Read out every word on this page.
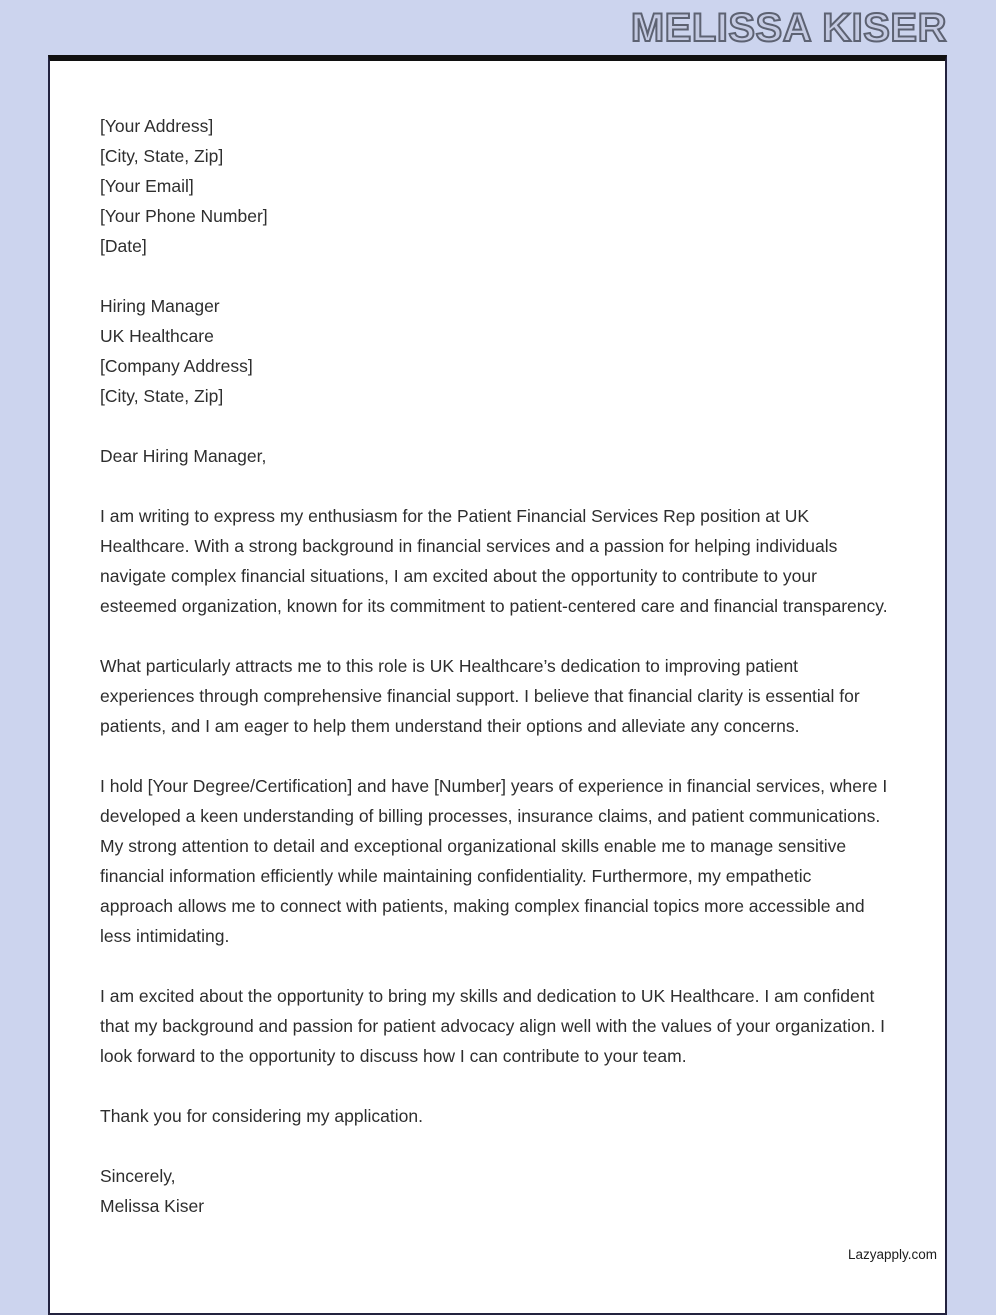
MELISSA KISER
[Your Address]
[City, State, Zip]
[Your Email]
[Your Phone Number]
[Date]
Hiring Manager
UK Healthcare
[Company Address]
[City, State, Zip]

Dear Hiring Manager,

I am writing to express my enthusiasm for the Patient Financial Services Rep position at UK Healthcare. With a strong background in financial services and a passion for helping individuals navigate complex financial situations, I am excited about the opportunity to contribute to your esteemed organization, known for its commitment to patient-centered care and financial transparency.

What particularly attracts me to this role is UK Healthcare’s dedication to improving patient experiences through comprehensive financial support. I believe that financial clarity is essential for patients, and I am eager to help them understand their options and alleviate any concerns.

I hold [Your Degree/Certification] and have [Number] years of experience in financial services, where I developed a keen understanding of billing processes, insurance claims, and patient communications. My strong attention to detail and exceptional organizational skills enable me to manage sensitive financial information efficiently while maintaining confidentiality. Furthermore, my empathetic approach allows me to connect with patients, making complex financial topics more accessible and less intimidating.

I am excited about the opportunity to bring my skills and dedication to UK Healthcare. I am confident that my background and passion for patient advocacy align well with the values of your organization. I look forward to the opportunity to discuss how I can contribute to your team.

Thank you for considering my application.

Sincerely,
Melissa Kiser
Lazyapply.com
